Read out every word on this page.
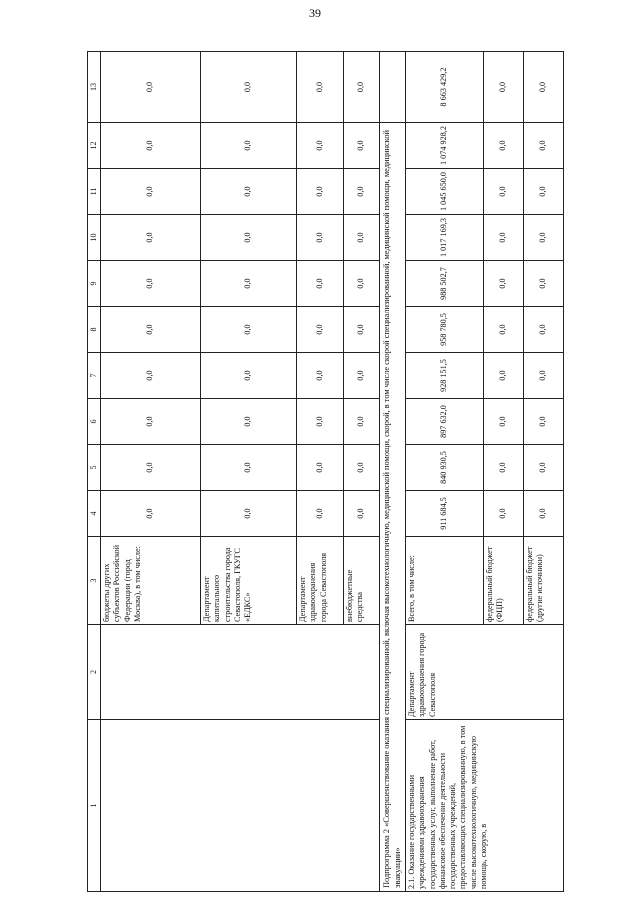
39
1	2	3	4	5	6	7	8	9	10	11	12	13
		бюджеты других субъектов Российской Федерации (город Москва), в том числе:	0,0	0,0	0,0	0,0	0,0	0,0	0,0	0,0	0,0	0,0
		Департамент капитального строительства города Севастополя, ГКУГС «ЕДКС»	0,0	0,0	0,0	0,0	0,0	0,0	0,0	0,0	0,0	0,0
		Департамент здравоохранения города Севастополя	0,0	0,0	0,0	0,0	0,0	0,0	0,0	0,0	0,0	0,0
		внебюджетные средства	0,0	0,0	0,0	0,0	0,0	0,0	0,0	0,0	0,0	0,0
Подпрограмма 2 «Совершенствование оказания специализированной, включая высокотехнологичную, медицинской помощи, скорой, в том числе скорой специализированной, медицинской помощи, медицинской эвакуации»												
2.1. Оказание государственными учреждениями здравоохранения государственных услуг, выполнение работ, финансовое обеспечение деятельности государственных учреждений, предоставляющих специализированную, в том числе высокотехнологичную, медицинскую помощь, скорую, в	Департамент здравоохранения города Севастополя	Всего, в том числе:	911 684,5	840 930,5	897 632,0	928 151,5	958 780,5	988 502,7	1 017 169,3	1 045 650,0	1 074 928,2	8 663 429,2
		федеральный бюджет (ФЦП)	0,0	0,0	0,0	0,0	0,0	0,0	0,0	0,0	0,0	0,0
		федеральный бюджет (другие источники)	0,0	0,0	0,0	0,0	0,0	0,0	0,0	0,0	0,0	0,0
